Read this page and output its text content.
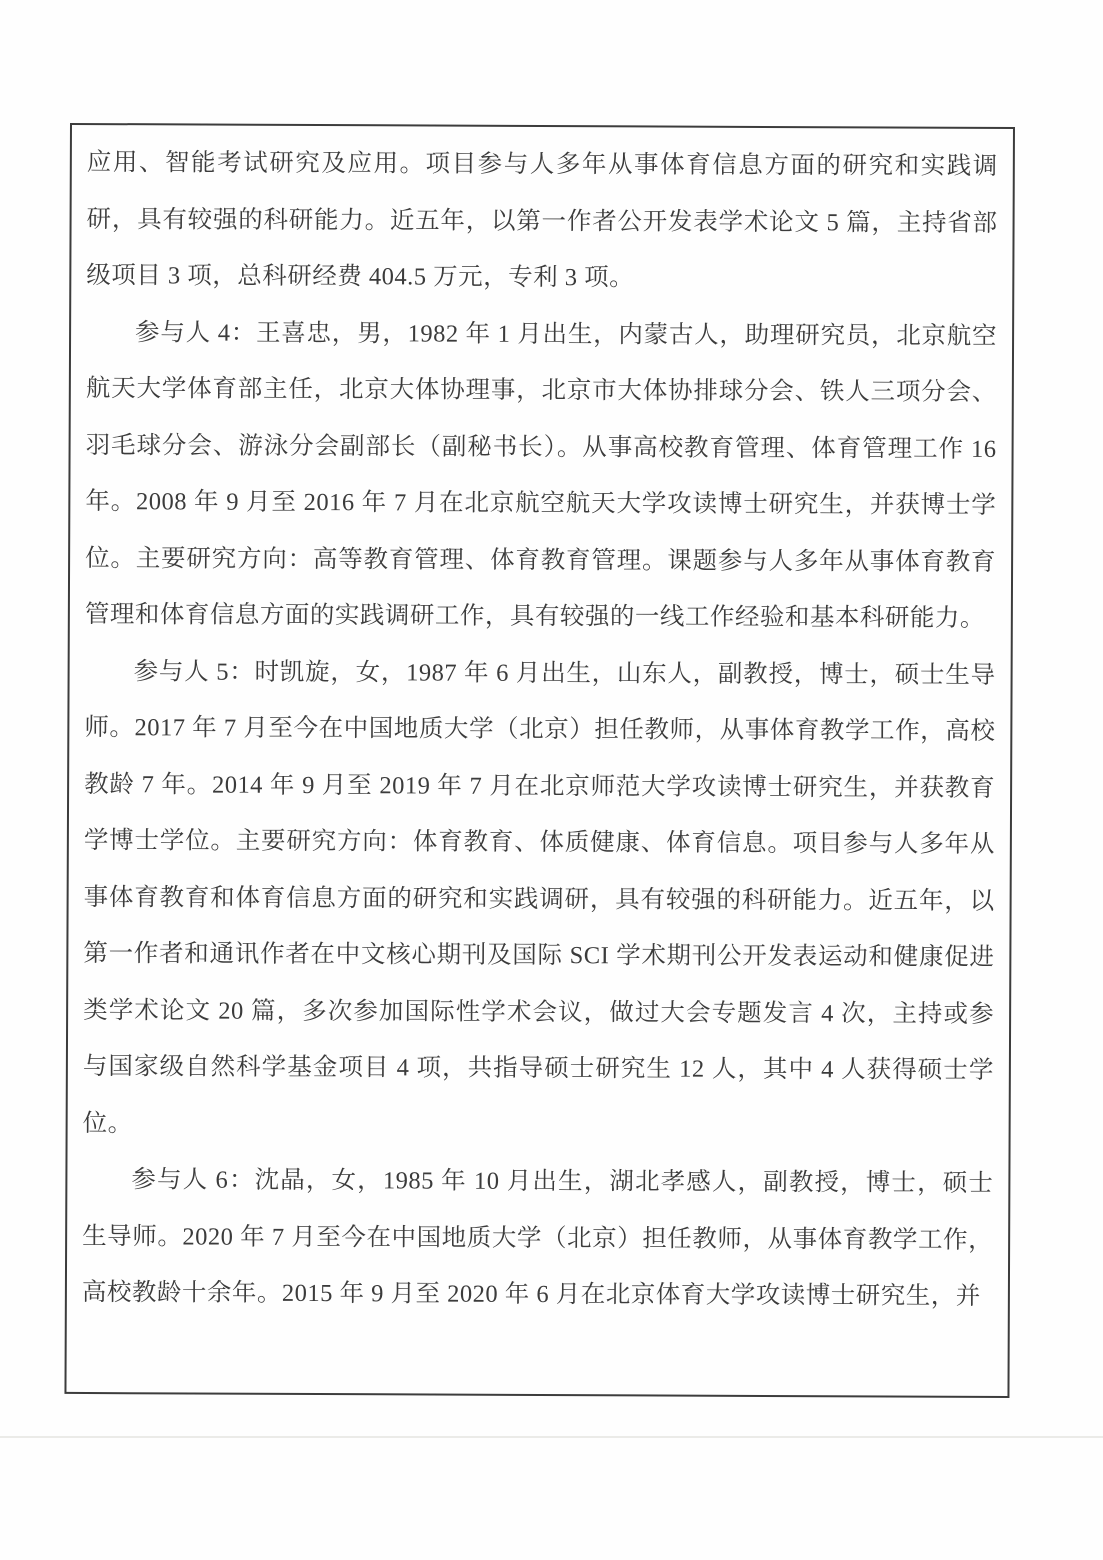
应用、智能考试研究及应用。项目参与人多年从事体育信息方面的研究和实践调研，具有较强的科研能力。近五年，以第一作者公开发表学术论文 5 篇，主持省部级项目 3 项，总科研经费 404.5 万元，专利 3 项。

参与人 4：王喜忠，男，1982 年 1 月出生，内蒙古人，助理研究员，北京航空航天大学体育部主任，北京大体协理事，北京市大体协排球分会、铁人三项分会、羽毛球分会、游泳分会副部长（副秘书长）。从事高校教育管理、体育管理工作 16 年。2008 年 9 月至 2016 年 7 月在北京航空航天大学攻读博士研究生，并获博士学位。主要研究方向：高等教育管理、体育教育管理。课题参与人多年从事体育教育管理和体育信息方面的实践调研工作，具有较强的一线工作经验和基本科研能力。

参与人 5：时凯旋，女，1987 年 6 月出生，山东人，副教授，博士，硕士生导师。2017 年 7 月至今在中国地质大学（北京）担任教师，从事体育教学工作，高校教龄 7 年。2014 年 9 月至 2019 年 7 月在北京师范大学攻读博士研究生，并获教育学博士学位。主要研究方向：体育教育、体质健康、体育信息。项目参与人多年从事体育教育和体育信息方面的研究和实践调研，具有较强的科研能力。近五年，以第一作者和通讯作者在中文核心期刊及国际 SCI 学术期刊公开发表运动和健康促进类学术论文 20 篇，多次参加国际性学术会议，做过大会专题发言 4 次，主持或参与国家级自然科学基金项目 4 项，共指导硕士研究生 12 人，其中 4 人获得硕士学位。

参与人 6：沈晶，女，1985 年 10 月出生，湖北孝感人，副教授，博士，硕士生导师。2020 年 7 月至今在中国地质大学（北京）担任教师，从事体育教学工作，高校教龄十余年。2015 年 9 月至 2020 年 6 月在北京体育大学攻读博士研究生，并
